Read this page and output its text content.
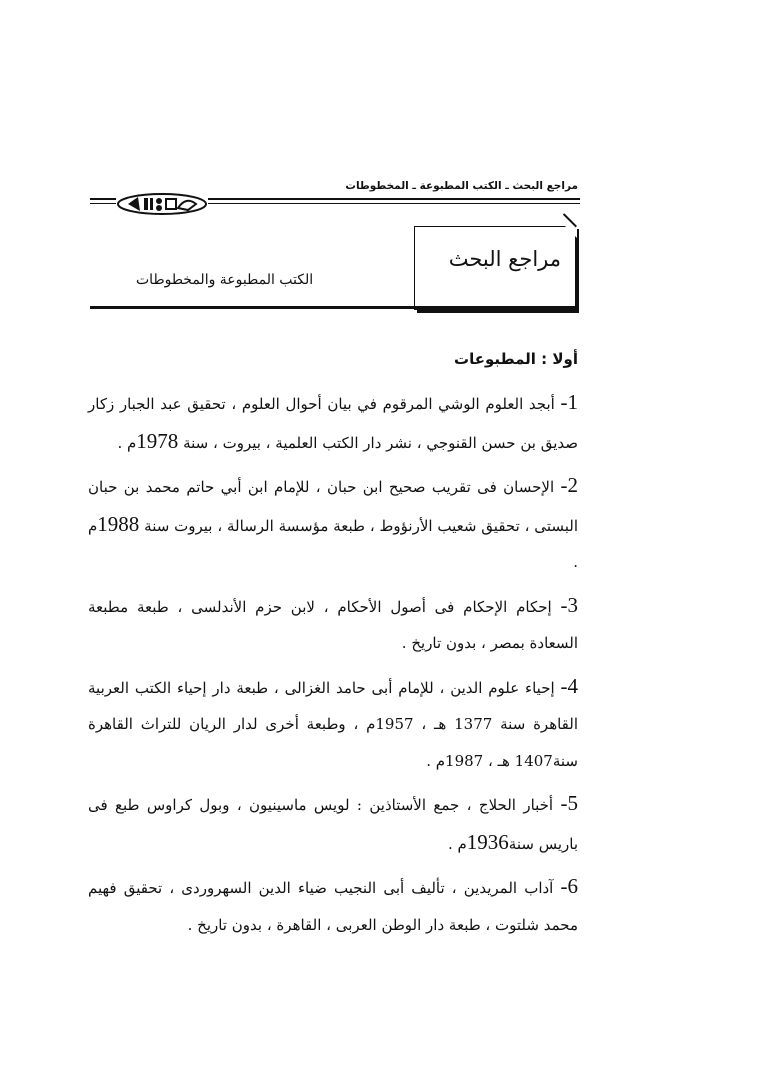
مراجع البحث ـ الكتب المطبوعة ـ المخطوطات
مراجع البحث
الكتب المطبوعة والمخطوطات
أولا : المطبوعات

1- أبجد العلوم الوشي المرقوم في بيان أحوال العلوم ، تحقيق عبد الجبار زكار صديق بن حسن القنوجي ، نشر دار الكتب العلمية ، بيروت ، سنة 1978م .

2- الإحسان فى تقريب صحيح ابن حبان ، للإمام ابن أبي حاتم محمد بن حبان البستى ، تحقيق شعيب الأرنؤوط ، طبعة مؤسسة الرسالة ، بيروت سنة 1988م .

3- إحكام الإحكام فى أصول الأحكام ، لابن حزم الأندلسى ، طبعة مطبعة السعادة بمصر ، بدون تاريخ .

4- إحياء علوم الدين ، للإمام أبى حامد الغزالى ، طبعة دار إحياء الكتب العربية القاهرة سنة 1377 هـ ، 1957م ، وطبعة أخرى لدار الريان للتراث القاهرة سنة1407 هـ ، 1987م .

5- أخبار الحلاج ، جمع الأستاذين : لويس ماسينيون ، وبول كراوس طبع فى باريس سنة1936م .

6- آداب المريدين ، تأليف أبى النجيب ضياء الدين السهروردى ، تحقيق فهيم محمد شلتوت ، طبعة دار الوطن العربى ، القاهرة ، بدون تاريخ .
